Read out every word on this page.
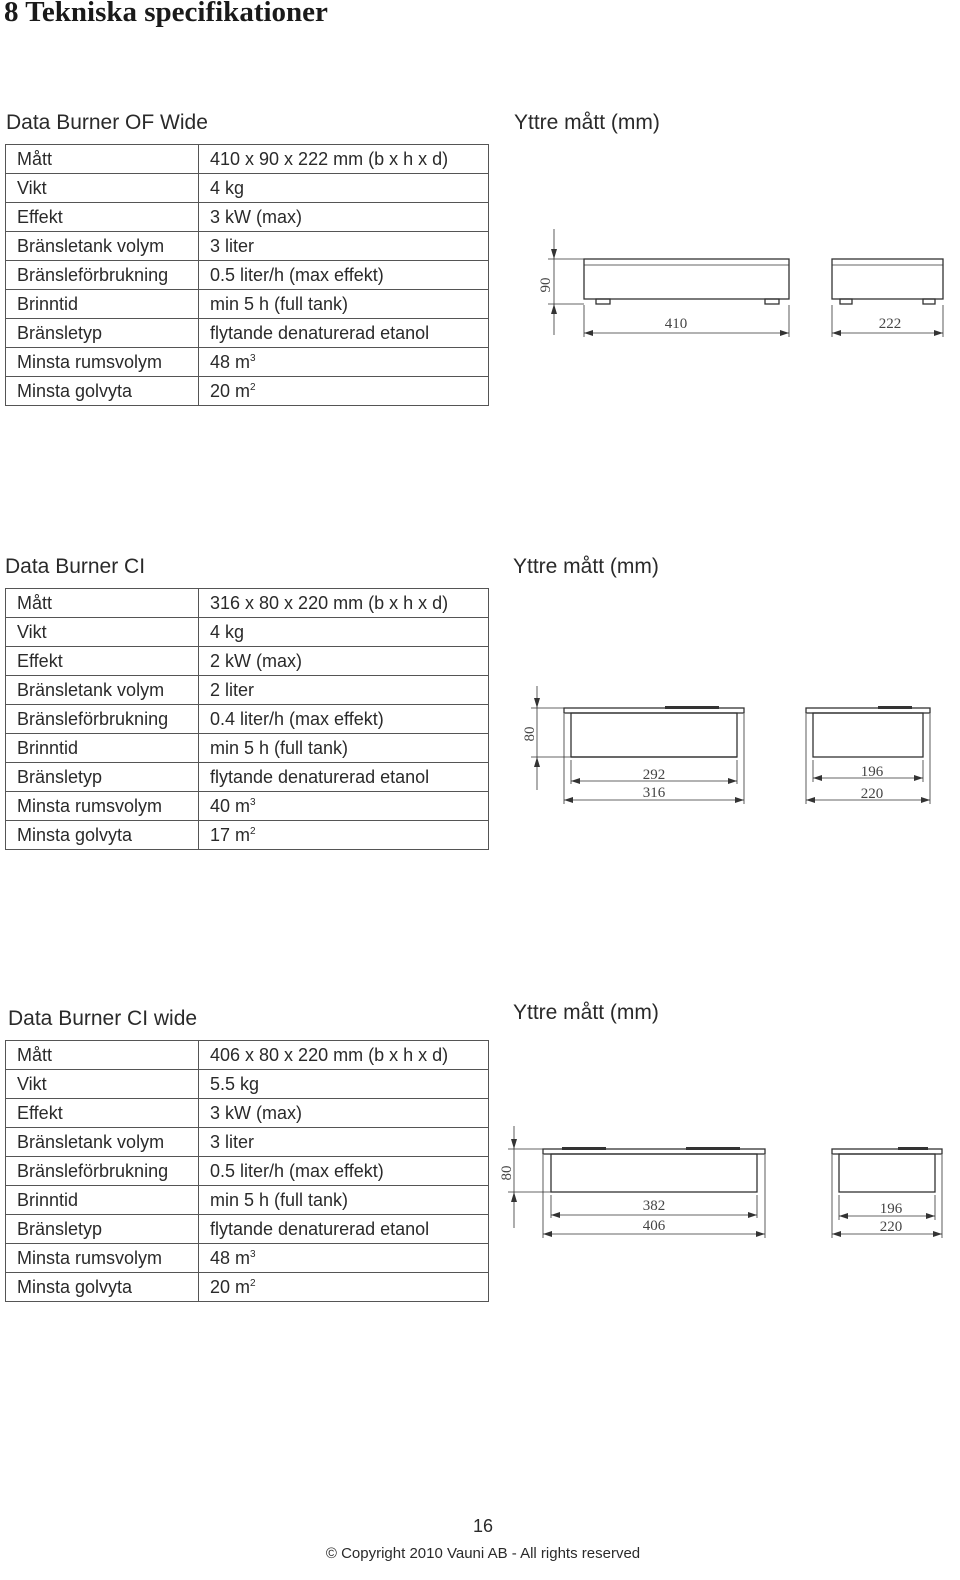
8 Tekniska specifikationer
Data Burner OF Wide	Yttre mått (mm)
Mått	410 x 90 x 222 mm (b x h x d)
Vikt	4 kg
Effekt	3 kW (max)
Bränsletank volym	3 liter
Bränsleförbrukning	0.5 liter/h (max effekt)
Brinntid	min 5 h (full tank)
Bränsletyp	flytande denaturerad etanol
Minsta rumsvolym	48 $m^3$
Minsta golvyta	20 $m^2$
90
410	222
Data Burner CI	Yttre mått (mm)
Mått	316 x 80 x 220 mm (b x h x d)
Vikt	4 kg
Effekt	2 kW (max)
Bränsletank volym	2 liter
Bränsleförbrukning	0.4 liter/h (max effekt)
Brinntid	min 5 h (full tank)
Bränsletyp	flytande denaturerad etanol
Minsta rumsvolym	40 $m^3$
Minsta golvyta	17 $m^2$
80
292
316
196
220
Data Burner CI wide	Yttre mått (mm)
Mått	406 x 80 x 220 mm (b x h x d)
Vikt	5.5 kg
Effekt	3 kW (max)
Bränsletank volym	3 liter
Bränsleförbrukning	0.5 liter/h (max effekt)
Brinntid	min 5 h (full tank)
Bränsletyp	flytande denaturerad etanol
Minsta rumsvolym	48 $m^3$
Minsta golvyta	20 $m^2$
80
382
406
196
220
16
© Copyright 2010 Vauni AB - All rights reserved
